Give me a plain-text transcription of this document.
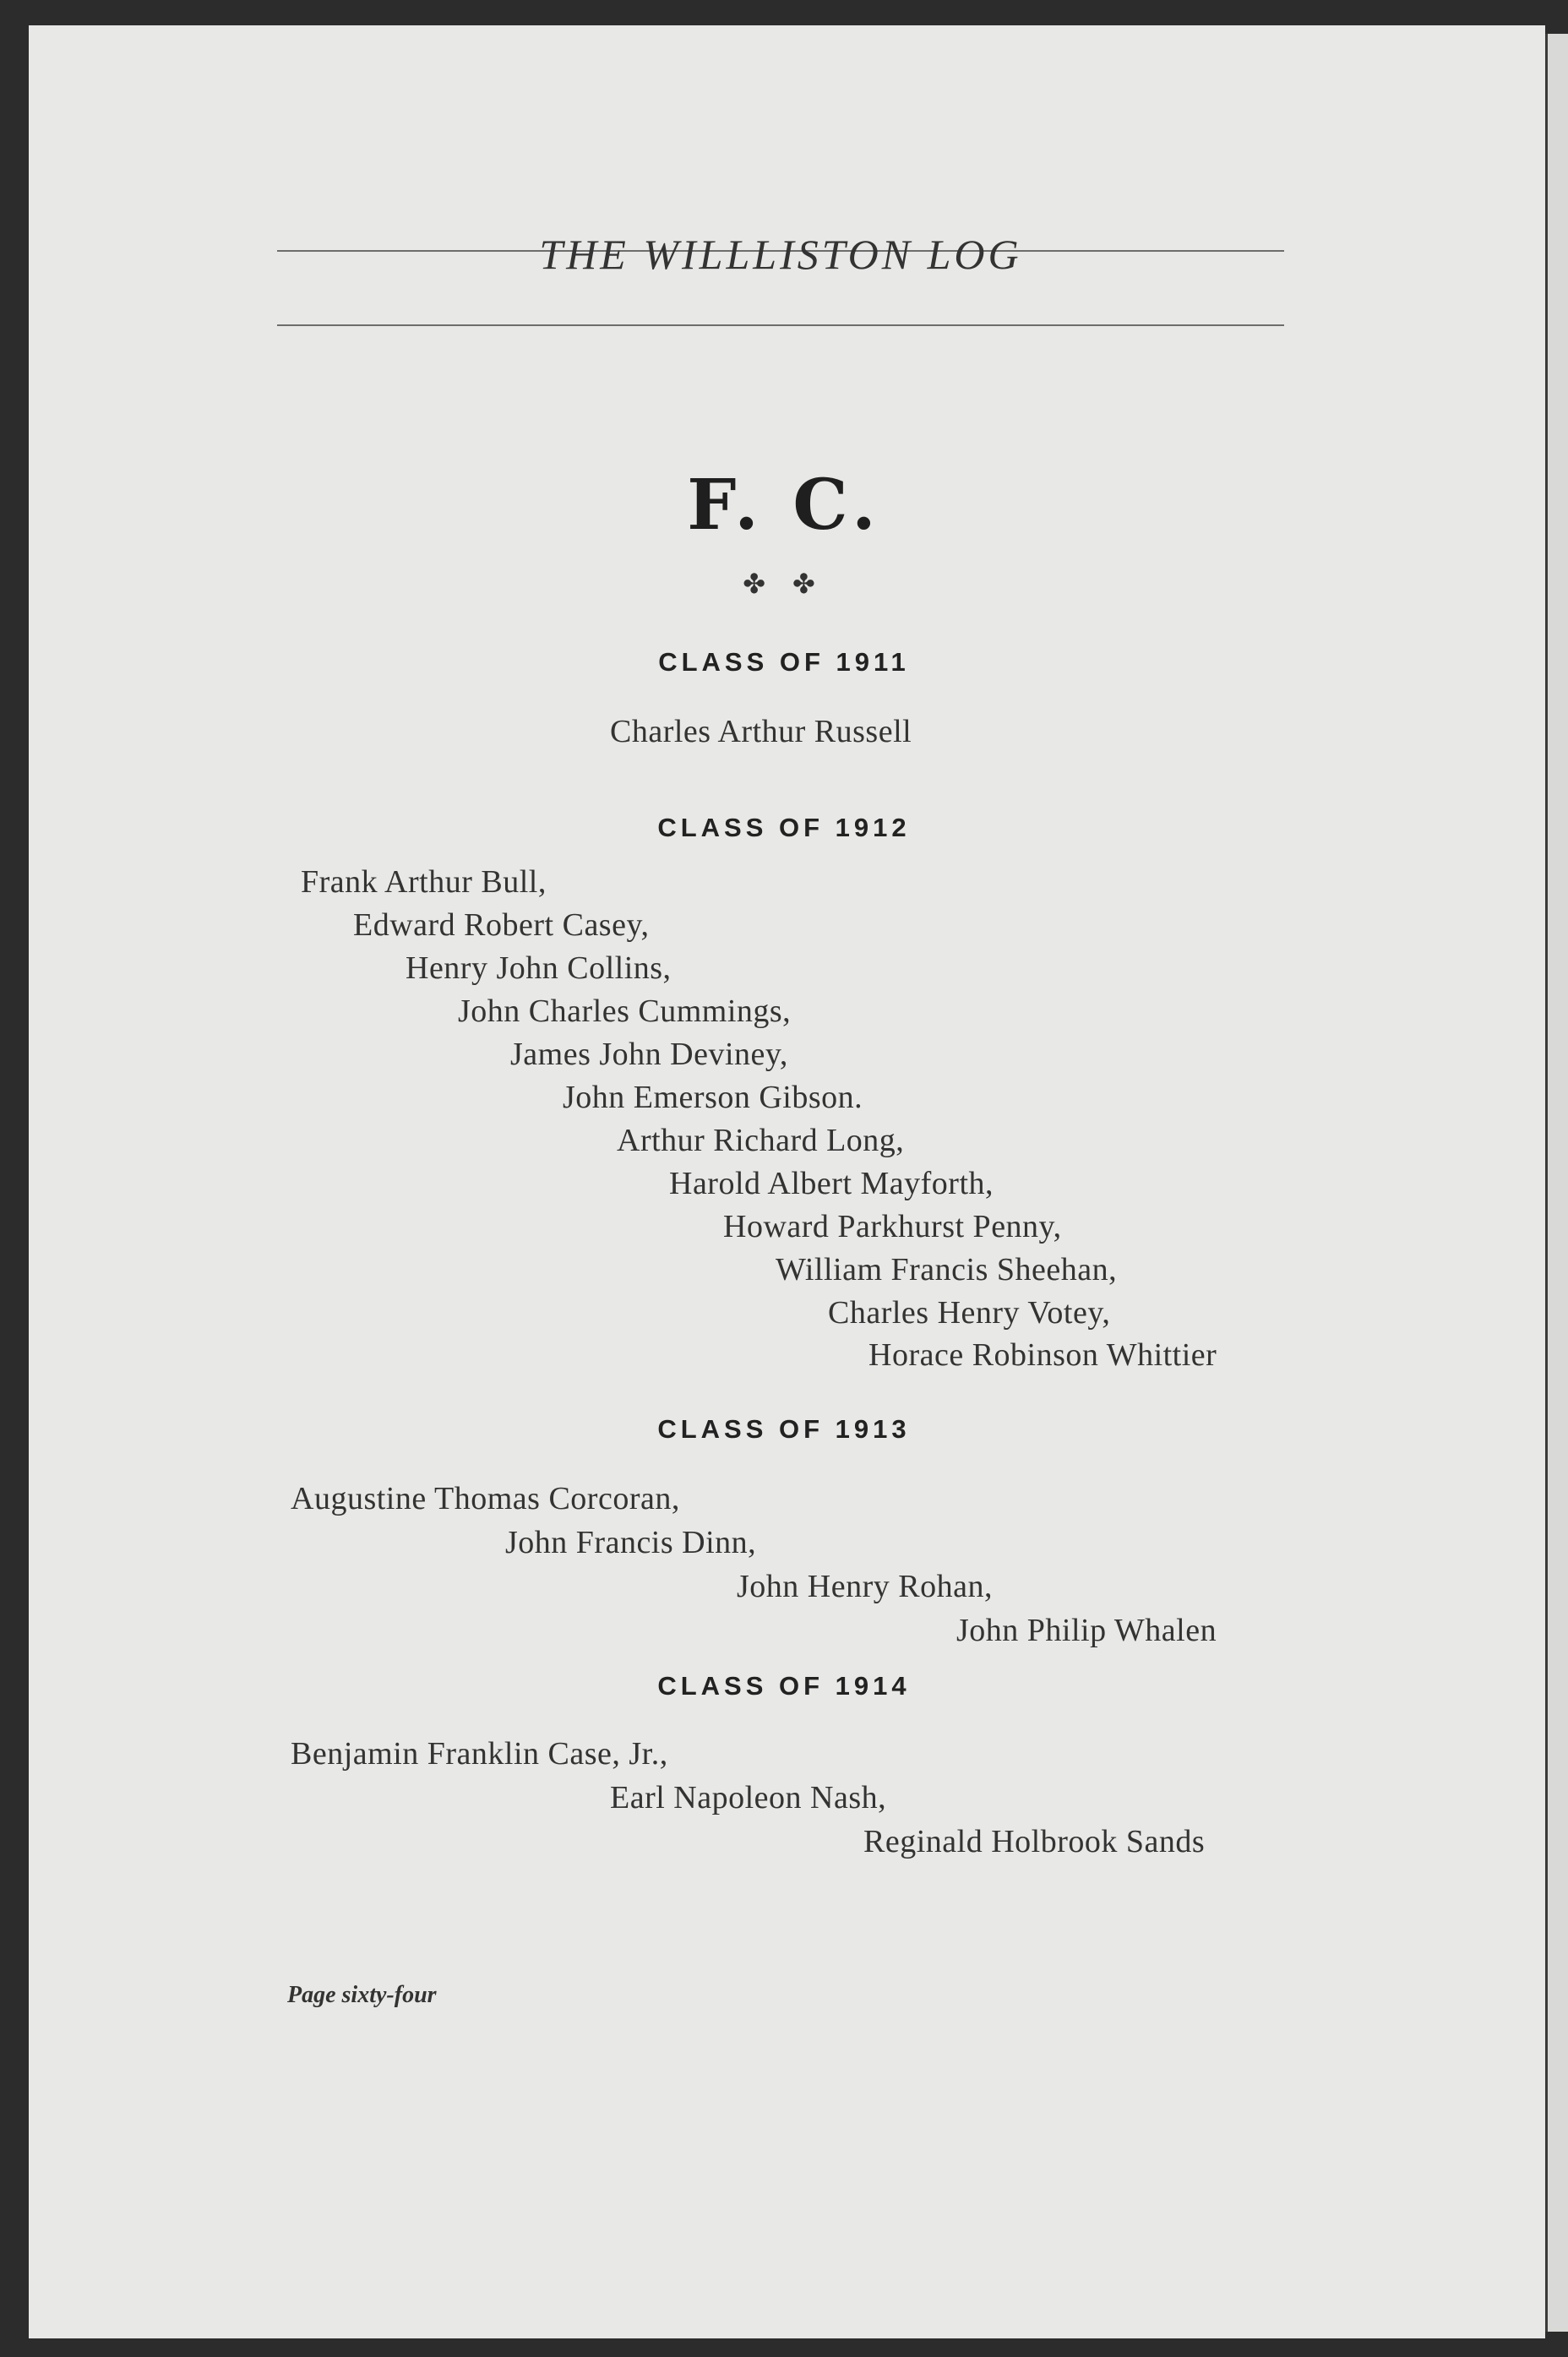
THE WILLLISTON LOG
F. C.
✤ ✤
CLASS OF 1911
Charles Arthur Russell
CLASS OF 1912
Frank Arthur Bull,
Edward Robert Casey,
Henry John Collins,
John Charles Cummings,
James John Deviney,
John Emerson Gibson.
Arthur Richard Long,
Harold Albert Mayforth,
Howard Parkhurst Penny,
William Francis Sheehan,
Charles Henry Votey,
Horace Robinson Whittier
CLASS OF 1913
Augustine Thomas Corcoran,
John Francis Dinn,
John Henry Rohan,
John Philip Whalen
CLASS OF 1914
Benjamin Franklin Case, Jr.,
Earl Napoleon Nash,
Reginald Holbrook Sands
Page sixty-four
